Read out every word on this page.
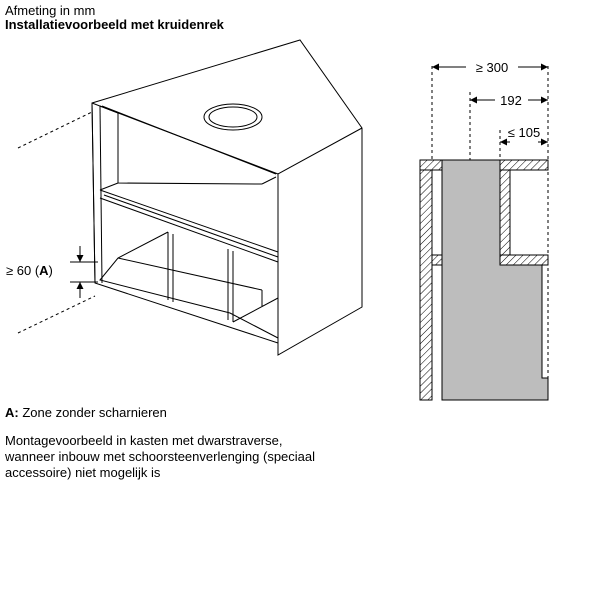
Afmeting in mm
Installatievoorbeeld met kruidenrek
≥ 60 (A)
≥ 300
192
≤ 105
A: Zone zonder scharnieren
Montagevoorbeeld in kasten met dwarstraverse,
wanneer inbouw met schoorsteenverlenging (speciaal
accessoire) niet mogelijk is
